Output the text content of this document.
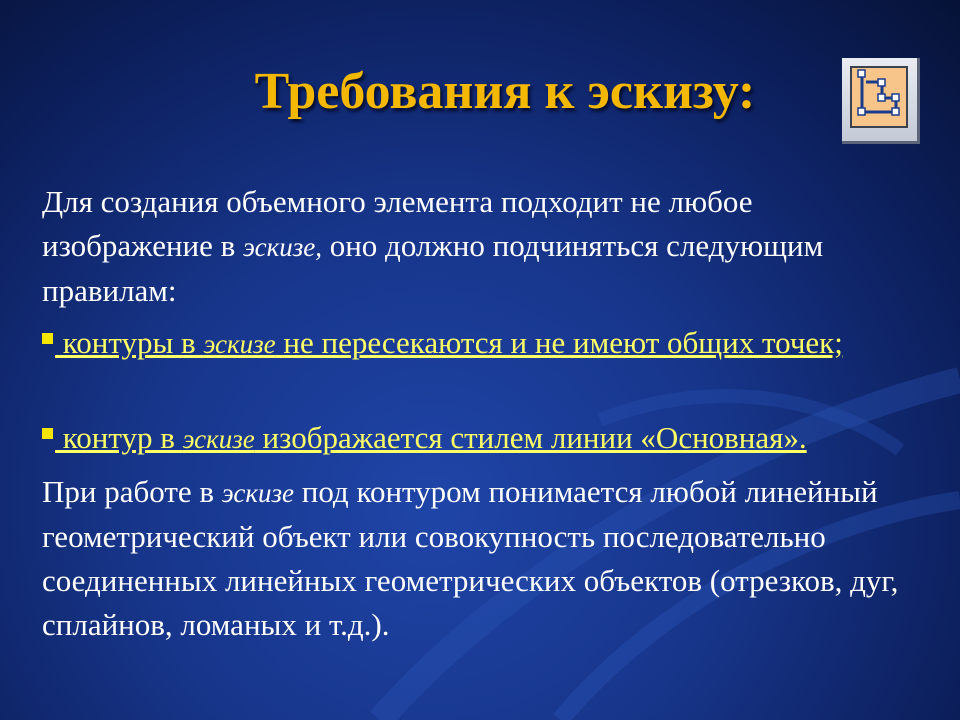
Требования к эскизу:
Для создания объемного элемента подходит не любое изображение в эскизе, оно должно подчиняться следующим правилам:
контуры в эскизе не пересекаются и не имеют общих точек;
контур в эскизе изображается стилем линии «Основная».
При работе в эскизе под контуром понимается любой линейный геометрический объект или совокупность последовательно соединенных линейных геометрических объектов (отрезков, дуг, сплайнов, ломаных и т.д.).
